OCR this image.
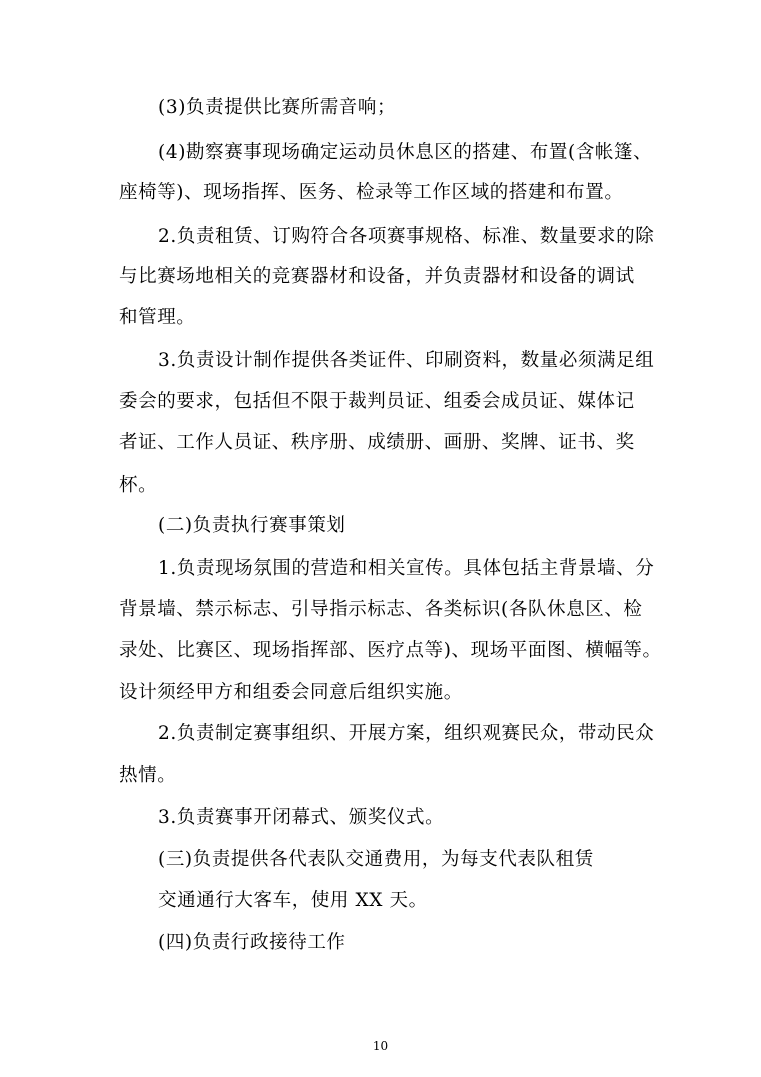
(3)负责提供比赛所需音响；
(4)勘察赛事现场确定运动员休息区的搭建、布置(含帐篷、
座椅等)、现场指挥、医务、检录等工作区域的搭建和布置。
2.负责租赁、订购符合各项赛事规格、标准、数量要求的除
与比赛场地相关的竞赛器材和设备，并负责器材和设备的调试
和管理。
3.负责设计制作提供各类证件、印刷资料，数量必须满足组
委会的要求，包括但不限于裁判员证、组委会成员证、媒体记
者证、工作人员证、秩序册、成绩册、画册、奖牌、证书、奖
杯。
(二)负责执行赛事策划
1.负责现场氛围的营造和相关宣传。具体包括主背景墙、分
背景墙、禁示标志、引导指示标志、各类标识(各队休息区、检
录处、比赛区、现场指挥部、医疗点等)、现场平面图、横幅等。
设计须经甲方和组委会同意后组织实施。
2.负责制定赛事组织、开展方案，组织观赛民众，带动民众
热情。
3.负责赛事开闭幕式、颁奖仪式。
(三)负责提供各代表队交通费用，为每支代表队租赁
交通通行大客车，使用 XX 天。
(四)负责行政接待工作
10
